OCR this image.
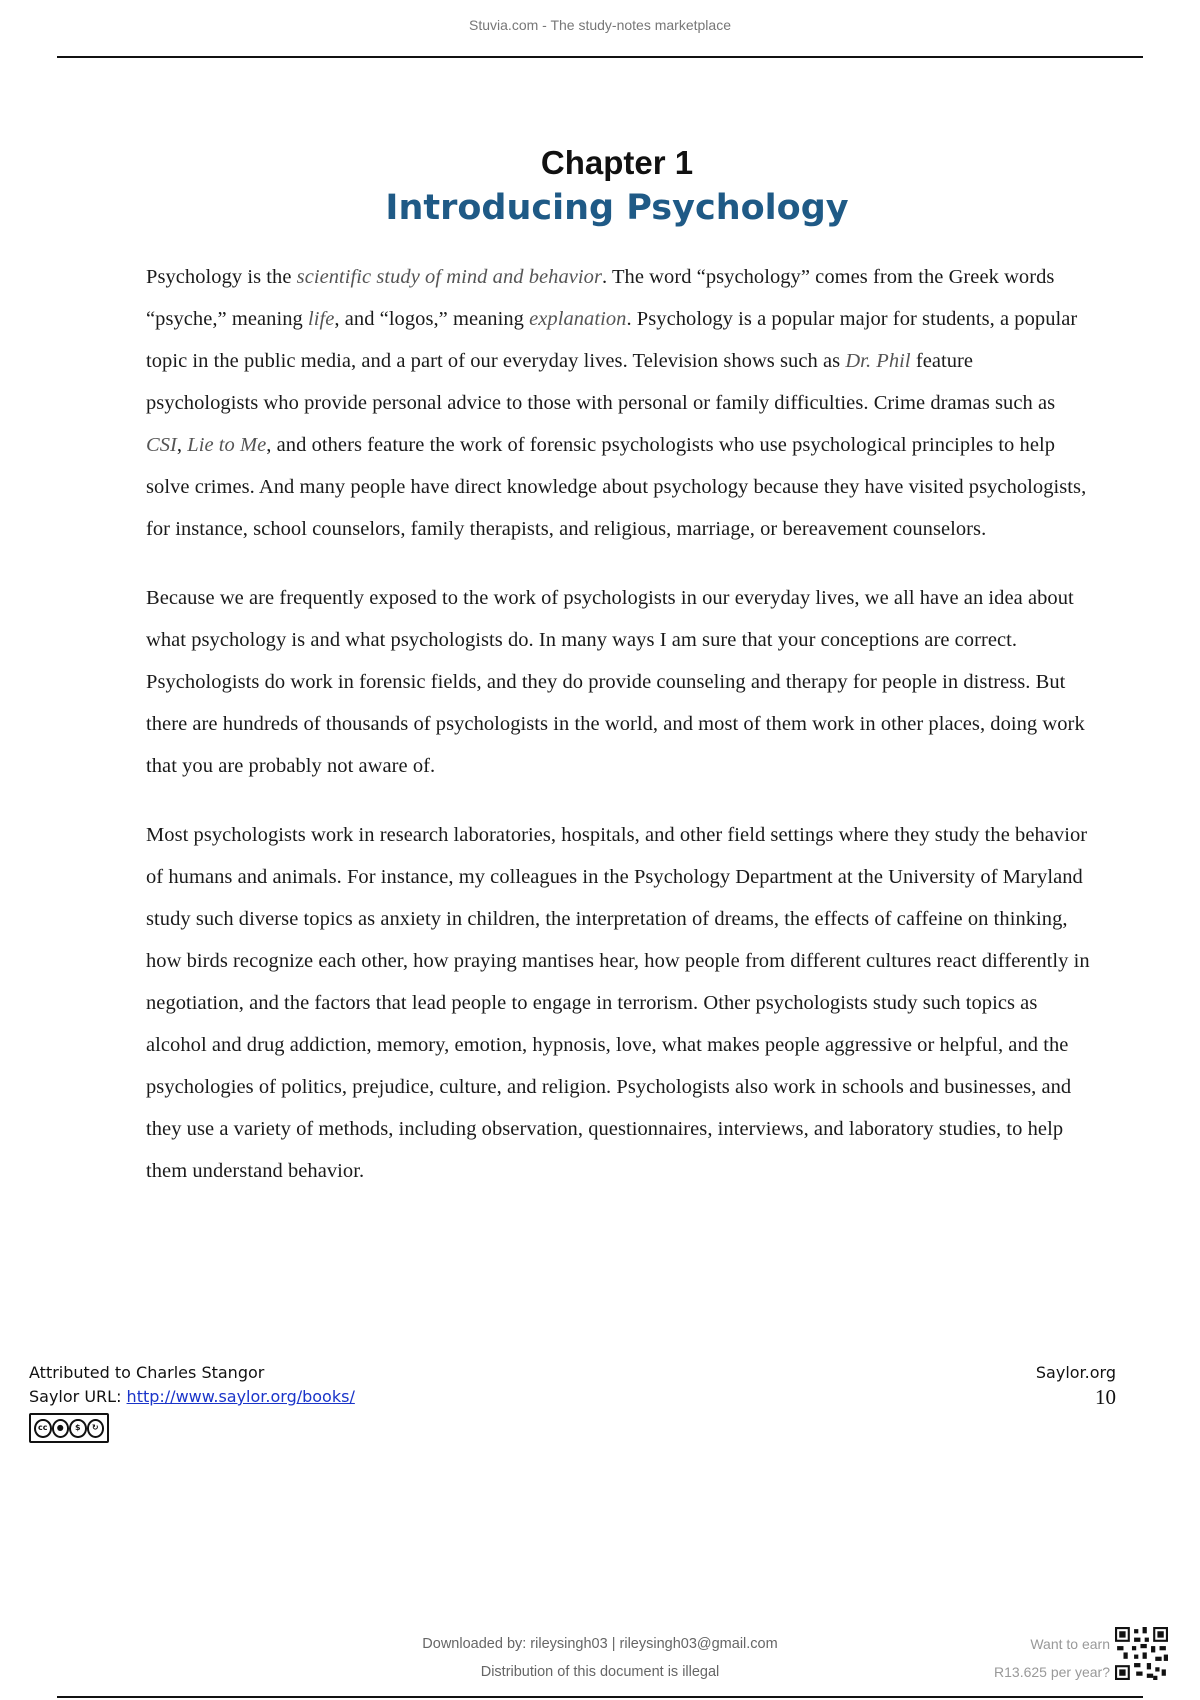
Stuvia.com - The study-notes marketplace
Chapter 1
Introducing Psychology

Psychology is the scientific study of mind and behavior. The word “psychology” comes from the Greek words “psyche,” meaning life, and “logos,” meaning explanation. Psychology is a popular major for students, a popular topic in the public media, and a part of our everyday lives. Television shows such as Dr. Phil feature psychologists who provide personal advice to those with personal or family difficulties. Crime dramas such as CSI, Lie to Me, and others feature the work of forensic psychologists who use psychological principles to help solve crimes. And many people have direct knowledge about psychology because they have visited psychologists, for instance, school counselors, family therapists, and religious, marriage, or bereavement counselors.

Because we are frequently exposed to the work of psychologists in our everyday lives, we all have an idea about what psychology is and what psychologists do. In many ways I am sure that your conceptions are correct. Psychologists do work in forensic fields, and they do provide counseling and therapy for people in distress. But there are hundreds of thousands of psychologists in the world, and most of them work in other places, doing work that you are probably not aware of.

Most psychologists work in research laboratories, hospitals, and other field settings where they study the behavior of humans and animals. For instance, my colleagues in the Psychology Department at the University of Maryland study such diverse topics as anxiety in children, the interpretation of dreams, the effects of caffeine on thinking, how birds recognize each other, how praying mantises hear, how people from different cultures react differently in negotiation, and the factors that lead people to engage in terrorism. Other psychologists study such topics as alcohol and drug addiction, memory, emotion, hypnosis, love, what makes people aggressive or helpful, and the psychologies of politics, prejudice, culture, and religion. Psychologists also work in schools and businesses, and they use a variety of methods, including observation, questionnaires, interviews, and laboratory studies, to help them understand behavior.

Attributed to Charles Stangor
Saylor URL: http://www.saylor.org/books/
cc	●	$	↻
Saylor.org
10
Downloaded by: rileysingh03 | rileysingh03@gmail.com
Distribution of this document is illegal
Want to earn
R13.625 per year?
